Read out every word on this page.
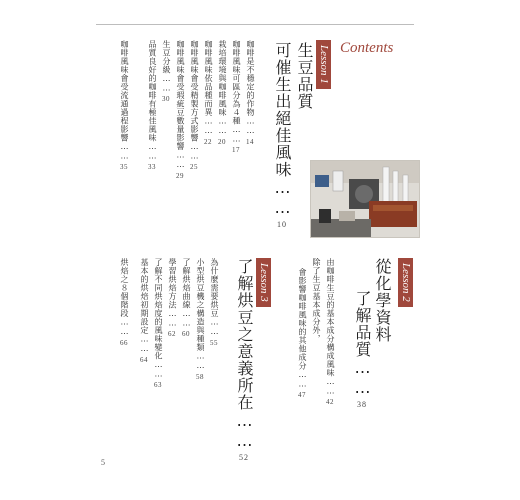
Contents
Lesson 1
生豆品質
可催生出絕佳風味……10
咖啡是不穩定的作物……14
咖啡風味可區分為４種……17
栽培環境與咖啡風味……20
咖啡風味依品種而異……22
咖啡風味會受精製方式影響……25
咖啡風味會受瑕疵豆數量影響……29
生豆分級……30
品質良好的咖啡有極佳風味……33
咖啡風味會受流通過程影響……35
Lesson 2
從化學資料
了解品質……38
由咖啡生豆的基本成分構成風味……42
除了生豆基本成分外，
會影響咖啡風味的其他成分……47
Lesson 3
了解烘豆之意義所在……52
為什麼需要烘豆……55
小型烘豆機之構造與種類……58
了解烘焙曲線……60
學習烘焙方法……62
了解不同烘焙度的風味變化……63
基本的烘焙初期設定……64
烘焙之８個階段……66
5
